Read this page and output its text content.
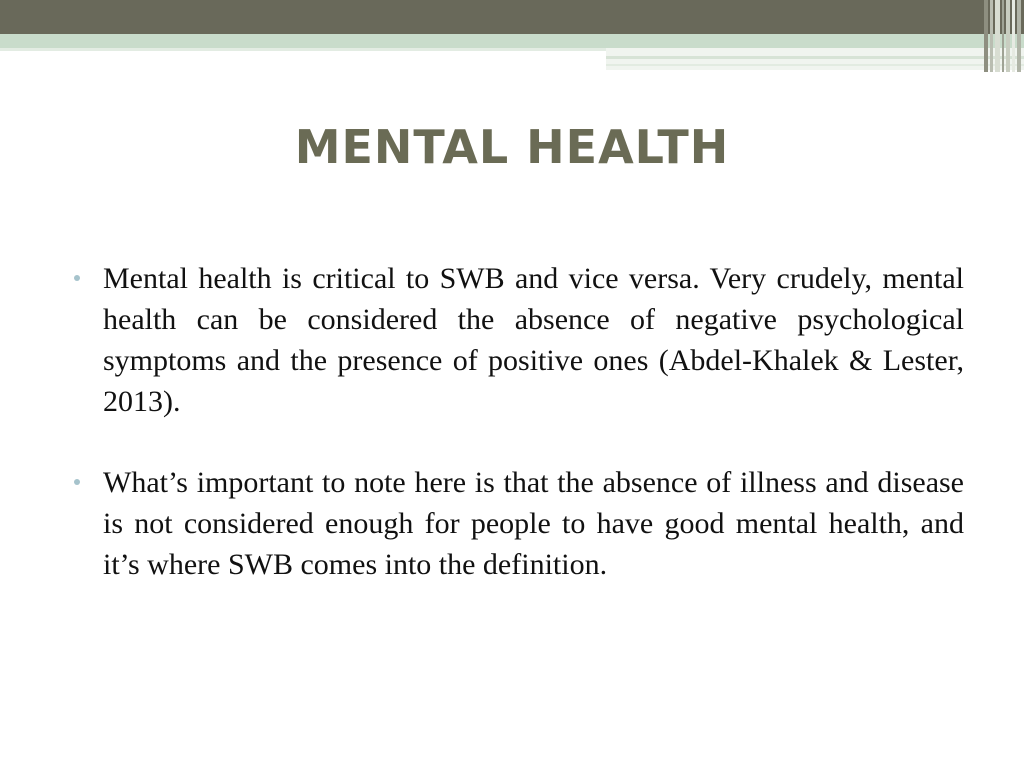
MENTAL HEALTH
Mental health is critical to SWB and vice versa. Very crudely, mental health can be considered the absence of negative psychological symptoms and the presence of positive ones (Abdel-Khalek & Lester, 2013).
What’s important to note here is that the absence of illness and disease is not considered enough for people to have good mental health, and it’s where SWB comes into the definition.
